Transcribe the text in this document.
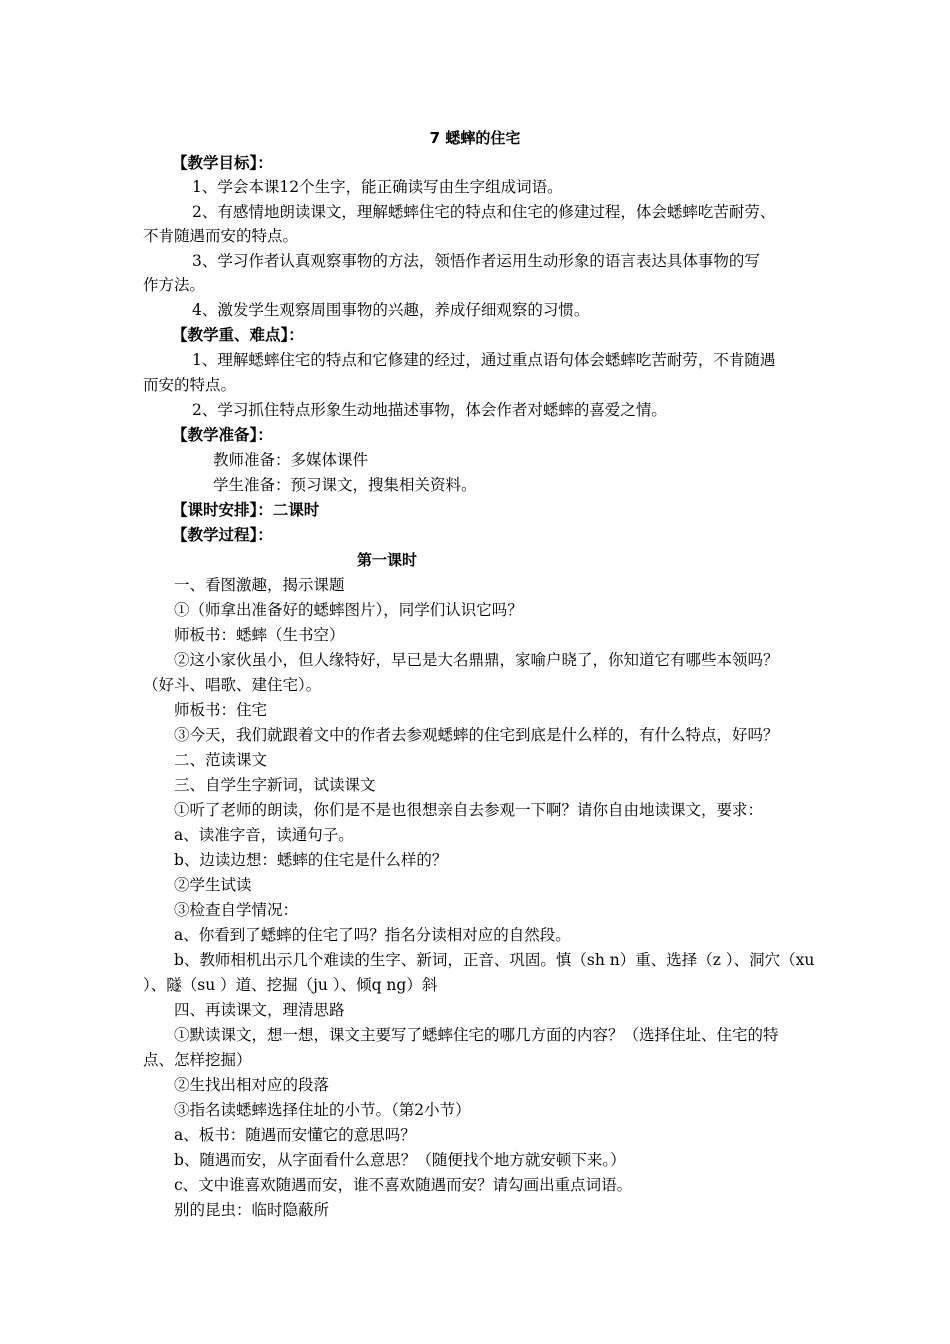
7 蟋蟀的住宅
【教学目标】：
1、学会本课12个生字，能正确读写由生字组成词语。
2、有感情地朗读课文，理解蟋蟀住宅的特点和住宅的修建过程，体会蟋蟀吃苦耐劳、
不肯随遇而安的特点。
3、学习作者认真观察事物的方法，领悟作者运用生动形象的语言表达具体事物的写
作方法。
4、激发学生观察周围事物的兴趣，养成仔细观察的习惯。
【教学重、难点】：
1、理解蟋蟀住宅的特点和它修建的经过，通过重点语句体会蟋蟀吃苦耐劳，不肯随遇
而安的特点。
2、学习抓住特点形象生动地描述事物，体会作者对蟋蟀的喜爱之情。
【教学准备】：
教师准备：多媒体课件
学生准备：预习课文，搜集相关资料。
【课时安排】：二课时
【教学过程】：
第一课时
一、看图激趣，揭示课题
①（师拿出准备好的蟋蟀图片），同学们认识它吗？
师板书：蟋蟀（生书空）
②这小家伙虽小，但人缘特好，早已是大名鼎鼎，家喻户晓了，你知道它有哪些本领吗？
（好斗、唱歌、建住宅）。
师板书：住宅
③今天，我们就跟着文中的作者去参观蟋蟀的住宅到底是什么样的，有什么特点，好吗？
二、范读课文
三、自学生字新词，试读课文
①听了老师的朗读，你们是不是也很想亲自去参观一下啊？请你自由地读课文，要求：
a、读准字音，读通句子。
b、边读边想：蟋蟀的住宅是什么样的？
②学生试读
③检查自学情况：
a、你看到了蟋蟀的住宅了吗？指名分读相对应的自然段。
b、教师相机出示几个难读的生字、新词，正音、巩固。慎（sh n）重、选择（z ）、洞穴（xu
）、隧（su ）道、挖掘（ju ）、倾q ng）斜
四、再读课文，理清思路
①默读课文，想一想，课文主要写了蟋蟀住宅的哪几方面的内容？（选择住址、住宅的特
点、怎样挖掘）
②生找出相对应的段落
③指名读蟋蟀选择住址的小节。（第2小节）
a、板书：随遇而安懂它的意思吗？
b、随遇而安，从字面看什么意思？（随便找个地方就安顿下来。）
c、文中谁喜欢随遇而安，谁不喜欢随遇而安？请勾画出重点词语。
别的昆虫：临时隐蔽所
